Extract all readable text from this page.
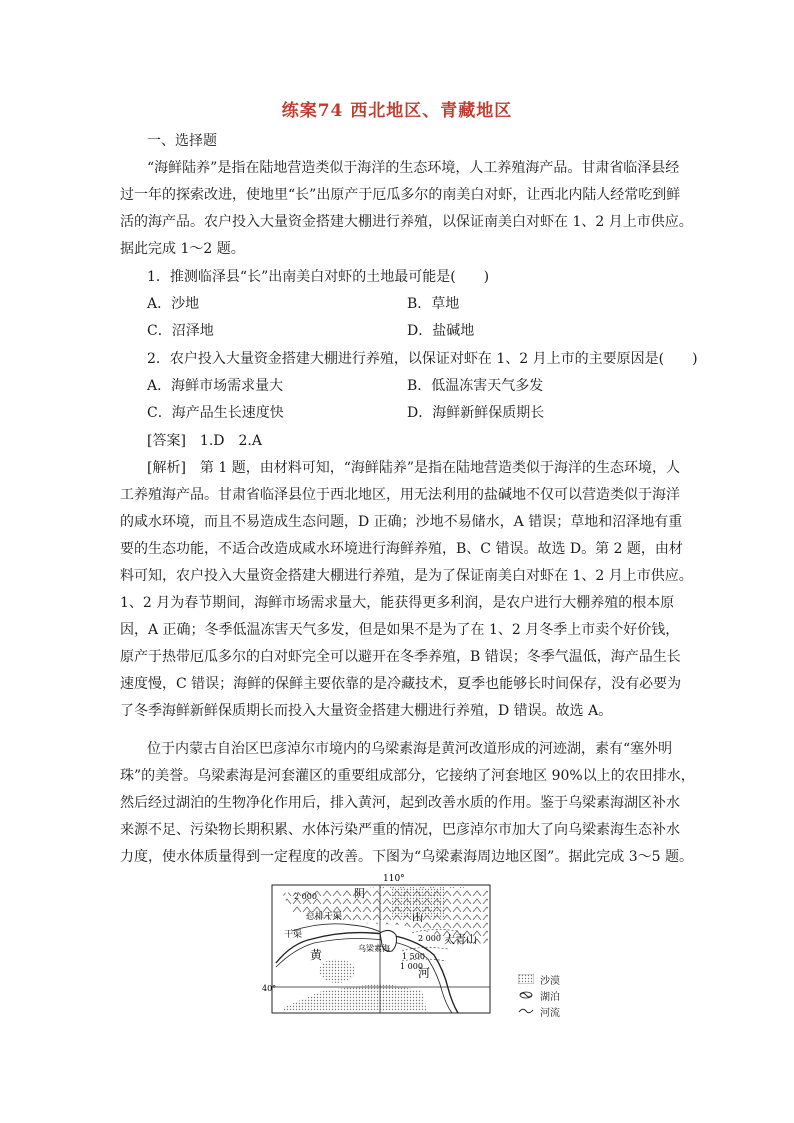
练案74 西北地区、青藏地区
一、选择题
“海鲜陆养”是指在陆地营造类似于海洋的生态环境，人工养殖海产品。甘肃省临泽县经
过一年的探索改进，使地里“长”出原产于厄瓜多尔的南美白对虾，让西北内陆人经常吃到鲜
活的海产品。农户投入大量资金搭建大棚进行养殖，以保证南美白对虾在 1、2 月上市供应。
据此完成 1～2 题。
1．推测临泽县“长”出南美白对虾的土地最可能是(　　)
A．沙地	B．草地
C．沼泽地	D．盐碱地
2．农户投入大量资金搭建大棚进行养殖，以保证对虾在 1、2 月上市的主要原因是(　　)
A．海鲜市场需求量大	B．低温冻害天气多发
C．海产品生长速度快	D．海鲜新鲜保质期长
[答案]　1.D　2.A
[解析]　第 1 题，由材料可知，“海鲜陆养”是指在陆地营造类似于海洋的生态环境，人
工养殖海产品。甘肃省临泽县位于西北地区，用无法利用的盐碱地不仅可以营造类似于海洋
的咸水环境，而且不易造成生态问题，D 正确；沙地不易储水，A 错误；草地和沼泽地有重
要的生态功能，不适合改造成咸水环境进行海鲜养殖，B、C 错误。故选 D。第 2 题，由材
料可知，农户投入大量资金搭建大棚进行养殖，是为了保证南美白对虾在 1、2 月上市供应。
1、2 月为春节期间，海鲜市场需求量大，能获得更多利润，是农户进行大棚养殖的根本原
因，A 正确；冬季低温冻害天气多发，但是如果不是为了在 1、2 月冬季上市卖个好价钱，
原产于热带厄瓜多尔的白对虾完全可以避开在冬季养殖，B 错误；冬季气温低，海产品生长
速度慢，C 错误；海鲜的保鲜主要依靠的是冷藏技术，夏季也能够长时间保存，没有必要为
了冬季海鲜新鲜保质期长而投入大量资金搭建大棚进行养殖，D 错误。故选 A。
位于内蒙古自治区巴彦淖尔市境内的乌梁素海是黄河改道形成的河迹湖，素有“塞外明
珠”的美誉。乌梁素海是河套灌区的重要组成部分，它接纳了河套地区 90%以上的农田排水，
然后经过湖泊的生物净化作用后，排入黄河，起到改善水质的作用。鉴于乌梁素海湖区补水
来源不足、污染物长期积累、水体污染严重的情况，巴彦淖尔市加大了向乌梁素海生态补水
力度，使水体质量得到一定程度的改善。下图为“乌梁素海周边地区图”。据此完成 3～5 题。
110°
40°
2 000	阴
山
总排干渠
干渠
乌梁素海
黄
河
2 000 大青山
1 500
1 000
沙漠
湖泊
河流
